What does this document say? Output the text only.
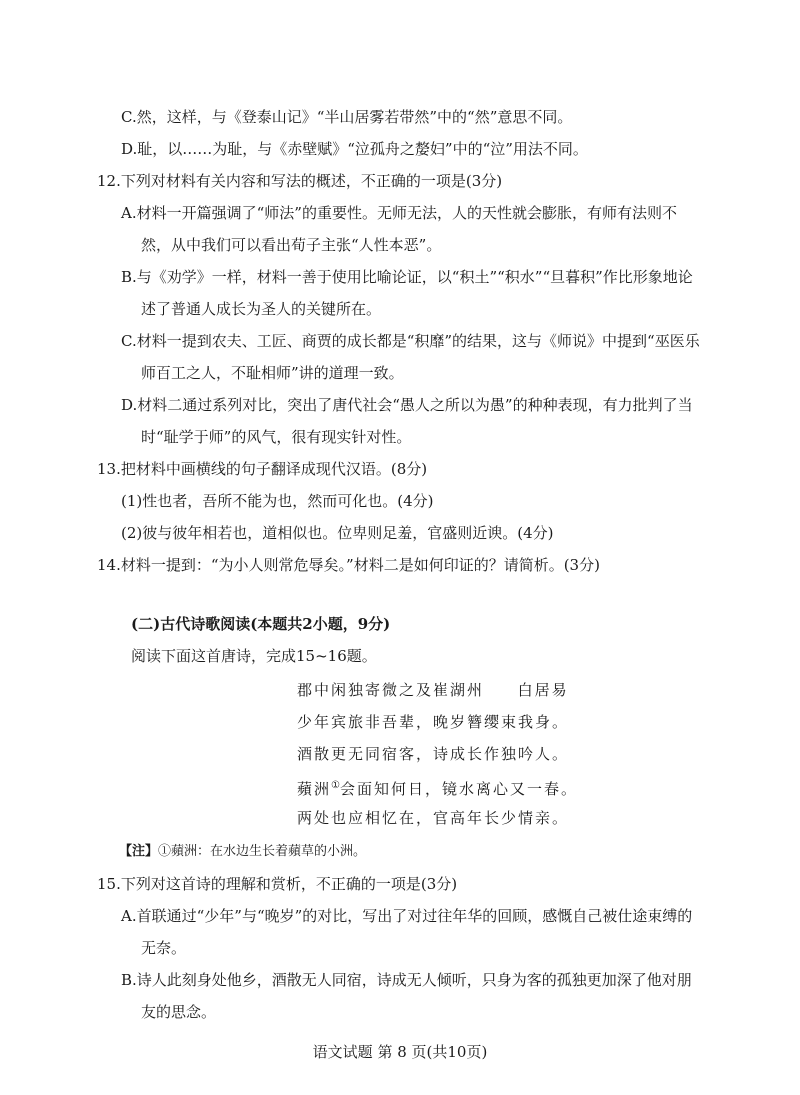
C.然，这样，与《登泰山记》“半山居雾若带然”中的“然”意思不同。
D.耻，以……为耻，与《赤壁赋》“泣孤舟之嫠妇”中的“泣”用法不同。
12.下列对材料有关内容和写法的概述，不正确的一项是(3分)
A.材料一开篇强调了“师法”的重要性。无师无法，人的天性就会膨胀，有师有法则不
然，从中我们可以看出荀子主张“人性本恶”。
B.与《劝学》一样，材料一善于使用比喻论证，以“积土”“积水”“旦暮积”作比形象地论
述了普通人成长为圣人的关键所在。
C.材料一提到农夫、工匠、商贾的成长都是“积靡”的结果，这与《师说》中提到“巫医乐
师百工之人，不耻相师”讲的道理一致。
D.材料二通过系列对比，突出了唐代社会“愚人之所以为愚”的种种表现，有力批判了当
时“耻学于师”的风气，很有现实针对性。
13.把材料中画横线的句子翻译成现代汉语。(8分)
(1)性也者，吾所不能为也，然而可化也。(4分)
(2)彼与彼年相若也，道相似也。位卑则足羞，官盛则近谀。(4分)
14.材料一提到：“为小人则常危辱矣。”材料二是如何印证的？请简析。(3分)
(二)古代诗歌阅读(本题共2小题，9分)
阅读下面这首唐诗，完成15~16题。
郡中闲独寄微之及崔湖州 白居易
少年宾旅非吾辈，晚岁簪缨束我身。
酒散更无同宿客，诗成长作独吟人。
蘋洲①会面知何日，镜水离心又一春。
两处也应相忆在，官高年长少情亲。
【注】①蘋洲：在水边生长着蘋草的小洲。
15.下列对这首诗的理解和赏析，不正确的一项是(3分)
A.首联通过“少年”与“晚岁”的对比，写出了对过往年华的回顾，感慨自己被仕途束缚的
无奈。
B.诗人此刻身处他乡，酒散无人同宿，诗成无人倾听，只身为客的孤独更加深了他对朋
友的思念。
语文试题 第 8 页(共10页)
